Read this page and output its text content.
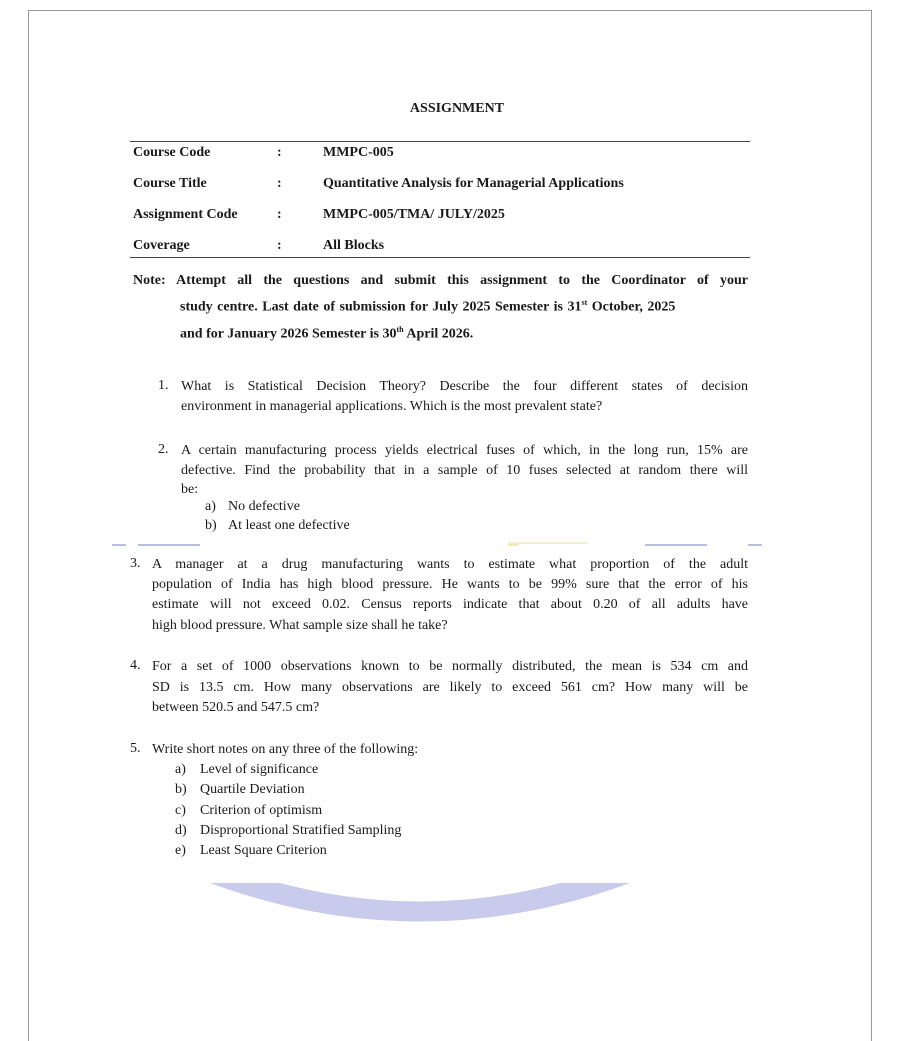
ASSIGNMENT
Course Code	:	MMPC-005
Course Title	:	Quantitative Analysis for Managerial Applications
Assignment Code	:	MMPC-005/TMA/ JULY/2025
Coverage	:	All Blocks
Note: Attempt all the questions and submit this assignment to the Coordinator of your
study centre. Last date of submission for July 2025 Semester is 31st October, 2025
and for January 2026 Semester is 30th April 2026.
1. What is Statistical Decision Theory? Describe the four different states of decision
environment in managerial applications. Which is the most prevalent state?
2. A certain manufacturing process yields electrical fuses of which, in the long run, 15% are
defective. Find the probability that in a sample of 10 fuses selected at random there will
be:
a) No defective
b) At least one defective
3. A manager at a drug manufacturing wants to estimate what proportion of the adult
population of India has high blood pressure. He wants to be 99% sure that the error of his
estimate will not exceed 0.02. Census reports indicate that about 0.20 of all adults have
high blood pressure. What sample size shall he take?
4. For a set of 1000 observations known to be normally distributed, the mean is 534 cm and
SD is 13.5 cm. How many observations are likely to exceed 561 cm? How many will be
between 520.5 and 547.5 cm?
5. Write short notes on any three of the following:
a) Level of significance
b) Quartile Deviation
c) Criterion of optimism
d) Disproportional Stratified Sampling
e) Least Square Criterion
